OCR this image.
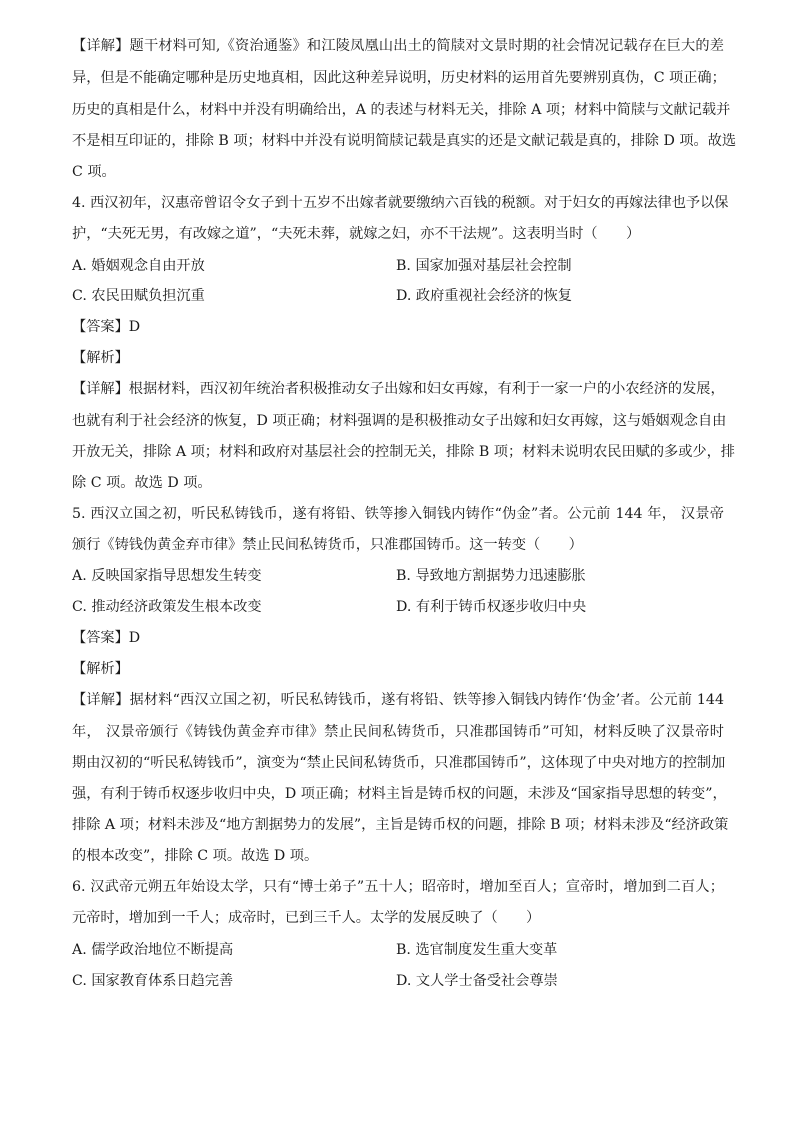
【详解】题干材料可知,《资治通鉴》和江陵凤凰山出土的简牍对文景时期的社会情况记载存在巨大的差
异，但是不能确定哪种是历史地真相，因此这种差异说明，历史材料的运用首先要辨别真伪，C 项正确；
历史的真相是什么，材料中并没有明确给出，A 的表述与材料无关，排除 A 项；材料中简牍与文献记载并
不是相互印证的，排除 B 项；材料中并没有说明简牍记载是真实的还是文献记载是真的，排除 D 项。故选
C 项。
4. 西汉初年，汉惠帝曾诏令女子到十五岁不出嫁者就要缴纳六百钱的税额。对于妇女的再嫁法律也予以保
护，“夫死无男，有改嫁之道”，“夫死未葬，就嫁之妇，亦不干法规”。这表明当时（　　）
A. 婚姻观念自由开放	B. 国家加强对基层社会控制
C. 农民田赋负担沉重	D. 政府重视社会经济的恢复
【答案】D
【解析】
【详解】根据材料，西汉初年统治者积极推动女子出嫁和妇女再嫁，有利于一家一户的小农经济的发展，
也就有利于社会经济的恢复，D 项正确；材料强调的是积极推动女子出嫁和妇女再嫁，这与婚姻观念自由
开放无关，排除 A 项；材料和政府对基层社会的控制无关，排除 B 项；材料未说明农民田赋的多或少，排
除 C 项。故选 D 项。
5. 西汉立国之初，听民私铸钱币，遂有将铅、铁等掺入铜钱内铸作“伪金”者。公元前 144 年， 汉景帝
颁行《铸钱伪黄金弃市律》禁止民间私铸货币，只准郡国铸币。这一转变（　　）
A. 反映国家指导思想发生转变	B. 导致地方割据势力迅速膨胀
C. 推动经济政策发生根本改变	D. 有利于铸币权逐步收归中央
【答案】D
【解析】
【详解】据材料“西汉立国之初，听民私铸钱币，遂有将铅、铁等掺入铜钱内铸作‘伪金’者。公元前 144
年， 汉景帝颁行《铸钱伪黄金弃市律》禁止民间私铸货币，只准郡国铸币”可知，材料反映了汉景帝时
期由汉初的“听民私铸钱币”，演变为“禁止民间私铸货币，只准郡国铸币”，这体现了中央对地方的控制加
强，有利于铸币权逐步收归中央，D 项正确；材料主旨是铸币权的问题，未涉及“国家指导思想的转变”，
排除 A 项；材料未涉及“地方割据势力的发展”，主旨是铸币权的问题，排除 B 项；材料未涉及“经济政策
的根本改变”，排除 C 项。故选 D 项。
6. 汉武帝元朔五年始设太学，只有“博士弟子”五十人；昭帝时，增加至百人；宣帝时，增加到二百人；
元帝时，增加到一千人；成帝时，已到三千人。太学的发展反映了（　　）
A. 儒学政治地位不断提高	B. 选官制度发生重大变革
C. 国家教育体系日趋完善	D. 文人学士备受社会尊崇
